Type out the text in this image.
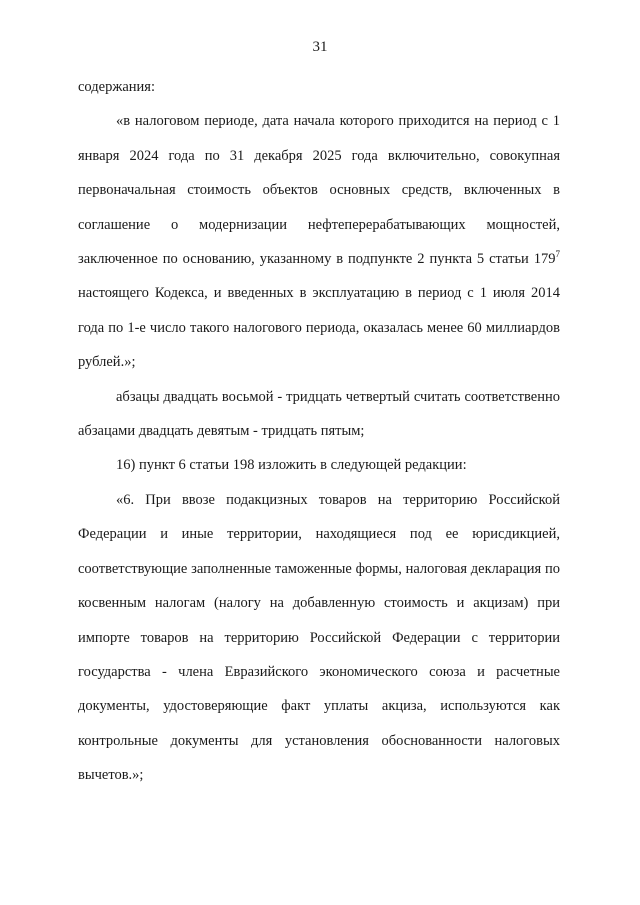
31

содержания:

«в налоговом периоде, дата начала которого приходится на период с 1 января 2024 года по 31 декабря 2025 года включительно, совокупная первоначальная стоимость объектов основных средств, включенных в соглашение о модернизации нефтеперерабатывающих мощностей, заключенное по основанию, указанному в подпункте 2 пункта 5 статьи $179^7$ настоящего Кодекса, и введенных в эксплуатацию в период с 1 июля 2014 года по 1-е число такого налогового периода, оказалась менее 60 миллиардов рублей.»;

абзацы двадцать восьмой - тридцать четвертый считать соответственно абзацами двадцать девятым - тридцать пятым;

16) пункт 6 статьи 198 изложить в следующей редакции:

«6. При ввозе подакцизных товаров на территорию Российской Федерации и иные территории, находящиеся под ее юрисдикцией, соответствующие заполненные таможенные формы, налоговая декларация по косвенным налогам (налогу на добавленную стоимость и акцизам) при импорте товаров на территорию Российской Федерации с территории государства - члена Евразийского экономического союза и расчетные документы, удостоверяющие факт уплаты акциза, используются как контрольные документы для установления обоснованности налоговых вычетов.»;
